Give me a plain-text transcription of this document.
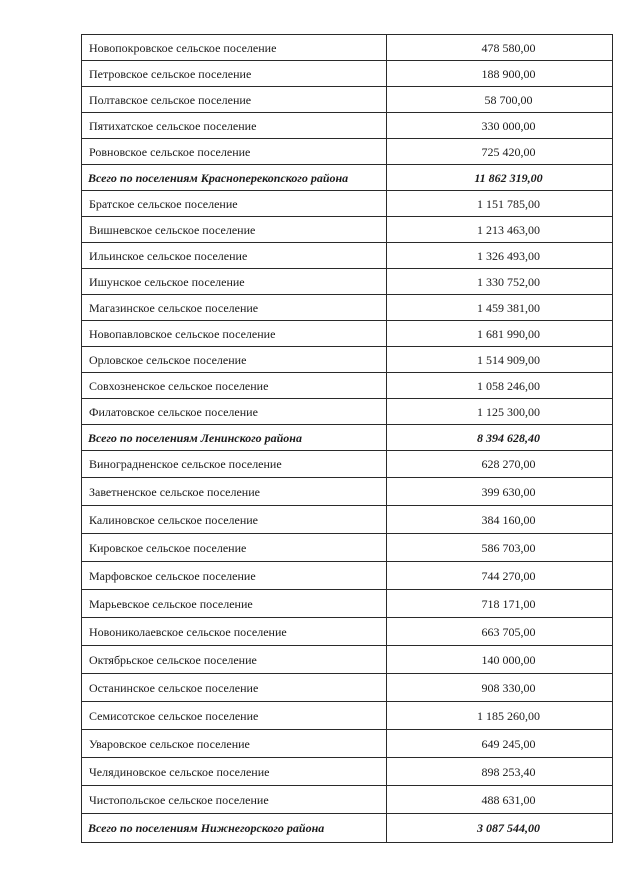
Новопокровское сельское поселение	478 580,00
Петровское сельское поселение	188 900,00
Полтавское сельское поселение	58 700,00
Пятихатское сельское поселение	330 000,00
Ровновское сельское поселение	725 420,00
Всего по поселениям Красноперекопского района	11 862 319,00
Братское сельское поселение	1 151 785,00
Вишневское сельское поселение	1 213 463,00
Ильинское сельское поселение	1 326 493,00
Ишунское сельское поселение	1 330 752,00
Магазинское сельское поселение	1 459 381,00
Новопавловское сельское поселение	1 681 990,00
Орловское сельское поселение	1 514 909,00
Совхозненское сельское поселение	1 058 246,00
Филатовское сельское поселение	1 125 300,00
Всего по поселениям Ленинского района	8 394 628,40
Виноградненское сельское поселение	628 270,00
Заветненское сельское поселение	399 630,00
Калиновское сельское поселение	384 160,00
Кировское сельское поселение	586 703,00
Марфовское сельское поселение	744 270,00
Марьевское сельское поселение	718 171,00
Новониколаевское сельское поселение	663 705,00
Октябрьское сельское поселение	140 000,00
Останинское сельское поселение	908 330,00
Семисотское сельское поселение	1 185 260,00
Уваровское сельское поселение	649 245,00
Челядиновское сельское поселение	898 253,40
Чистопольское сельское поселение	488 631,00
Всего по поселениям Нижнегорского района	3 087 544,00
